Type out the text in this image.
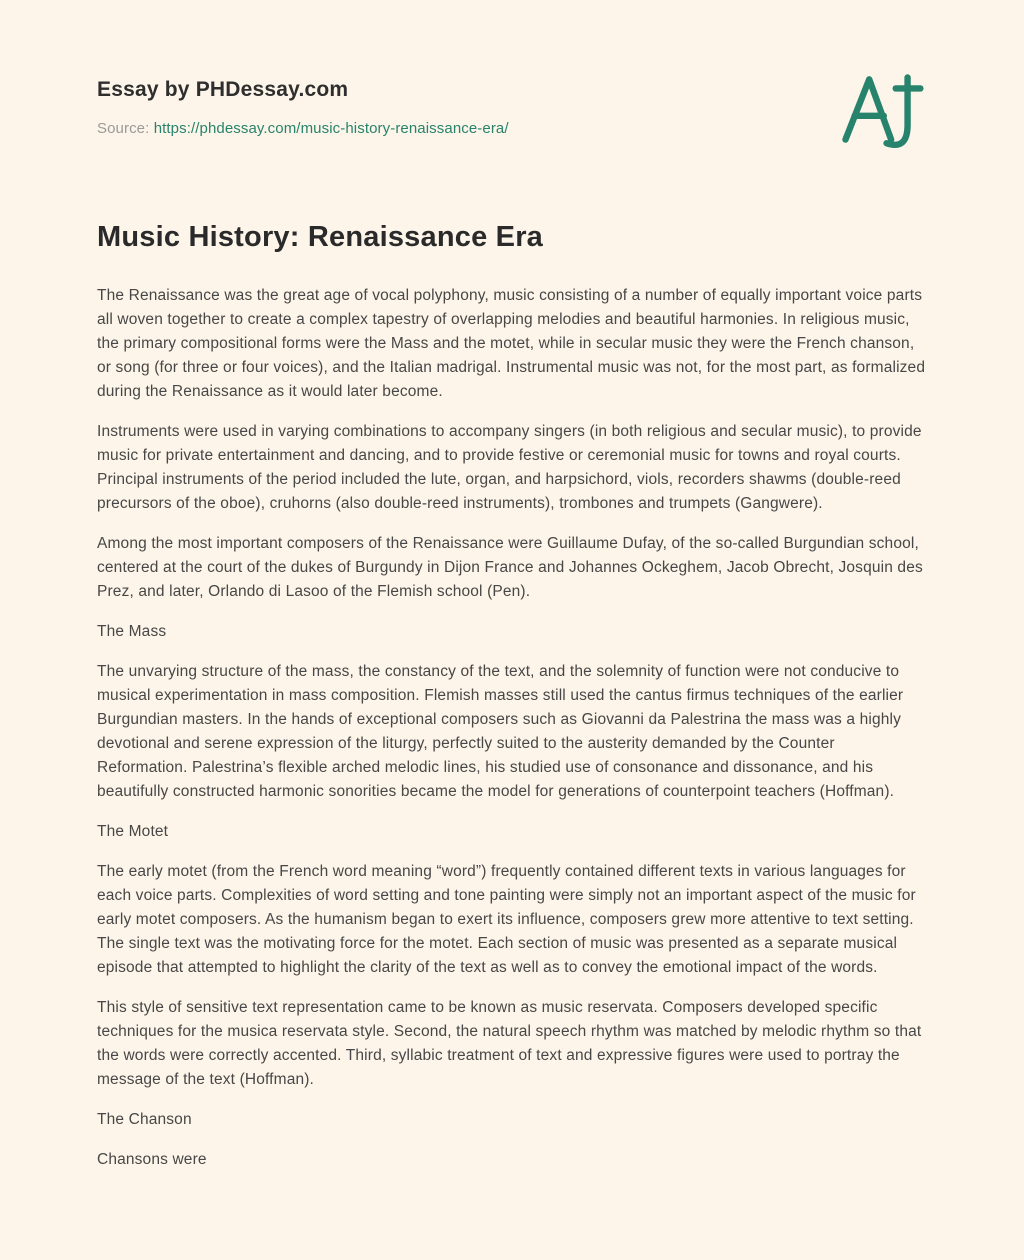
Essay by PHDessay.com
Source: https://phdessay.com/music-history-renaissance-era/
Music History: Renaissance Era

The Renaissance was the great age of vocal polyphony, music consisting of a number of equally important voice parts all woven together to create a complex tapestry of overlapping melodies and beautiful harmonies. In religious music, the primary compositional forms were the Mass and the motet, while in secular music they were the French chanson, or song (for three or four voices), and the Italian madrigal. Instrumental music was not, for the most part, as formalized during the Renaissance as it would later become.

Instruments were used in varying combinations to accompany singers (in both religious and secular music), to provide music for private entertainment and dancing, and to provide festive or ceremonial music for towns and royal courts. Principal instruments of the period included the lute, organ, and harpsichord, viols, recorders shawms (double-reed precursors of the oboe), cruhorns (also double-reed instruments), trombones and trumpets (Gangwere).

Among the most important composers of the Renaissance were Guillaume Dufay, of the so-called Burgundian school, centered at the court of the dukes of Burgundy in Dijon France and Johannes Ockeghem, Jacob Obrecht, Josquin des Prez, and later, Orlando di Lasoo of the Flemish school (Pen).

The Mass

The unvarying structure of the mass, the constancy of the text, and the solemnity of function were not conducive to musical experimentation in mass composition. Flemish masses still used the cantus firmus techniques of the earlier Burgundian masters. In the hands of exceptional composers such as Giovanni da Palestrina the mass was a highly devotional and serene expression of the liturgy, perfectly suited to the austerity demanded by the Counter Reformation. Palestrina’s flexible arched melodic lines, his studied use of consonance and dissonance, and his beautifully constructed harmonic sonorities became the model for generations of counterpoint teachers (Hoffman).

The Motet

The early motet (from the French word meaning “word”) frequently contained different texts in various languages for each voice parts. Complexities of word setting and tone painting were simply not an important aspect of the music for early motet composers. As the humanism began to exert its influence, composers grew more attentive to text setting. The single text was the motivating force for the motet. Each section of music was presented as a separate musical episode that attempted to highlight the clarity of the text as well as to convey the emotional impact of the words.

This style of sensitive text representation came to be known as music reservata. Composers developed specific techniques for the musica reservata style. Second, the natural speech rhythm was matched by melodic rhythm so that the words were correctly accented. Third, syllabic treatment of text and expressive figures were used to portray the message of the text (Hoffman).

The Chanson

Chansons were
